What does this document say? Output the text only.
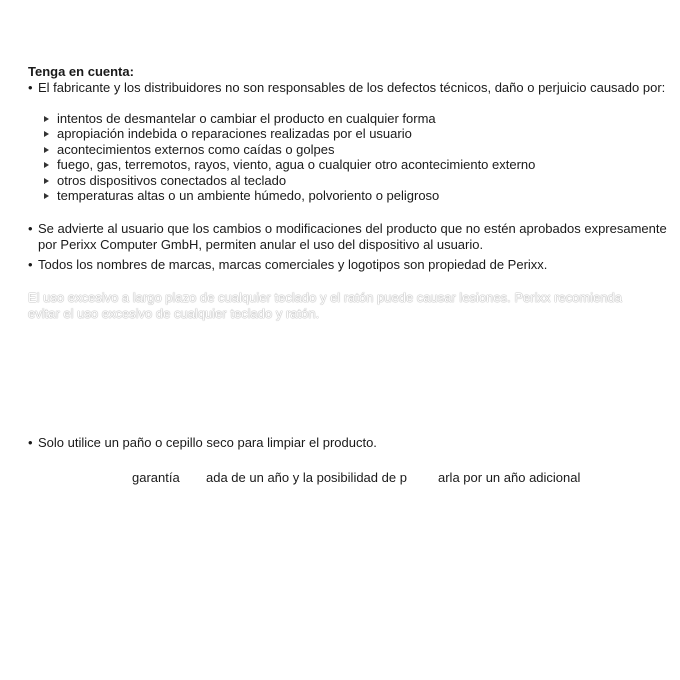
Tenga en cuenta:
• El fabricante y los distribuidores no son responsables de los defectos técnicos, daño o perjuicio causado por:
intentos de desmantelar o cambiar el producto en cualquier forma
apropiación indebida o reparaciones realizadas por el usuario
acontecimientos externos como caídas o golpes
fuego, gas, terremotos, rayos, viento, agua o cualquier otro acontecimiento externo
otros dispositivos conectados al teclado
temperaturas altas o un ambiente húmedo, polvoriento o peligroso
• Se advierte al usuario que los cambios o modificaciones del producto que no estén aprobados expresamente por Perixx Computer GmbH, permiten anular el uso del dispositivo al usuario.
• Todos los nombres de marcas, marcas comerciales y logotipos son propiedad de Perixx.
El uso excesivo a largo plazo de cualquier teclado y el ratón puede causar lesiones. Perixx recomienda evitar el uso excesivo de cualquier teclado y ratón.
• Solo utilice un paño o cepillo seco para limpiar el producto.
garantía ada de un año y la posibilidad de p arla por un año adicional
